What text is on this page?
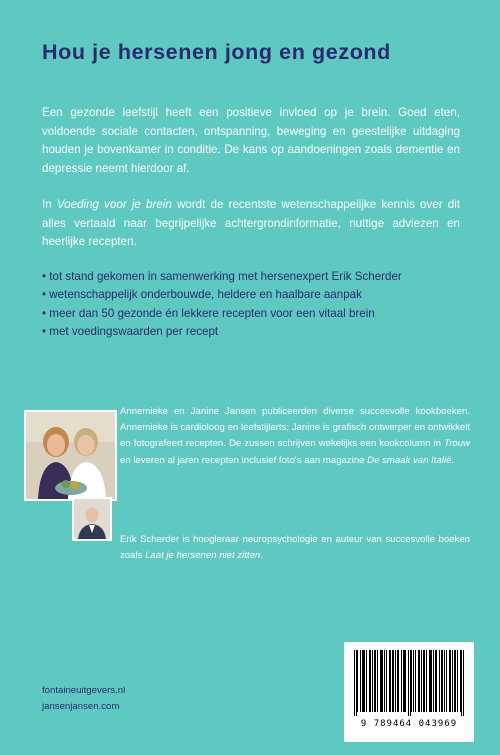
Hou je hersenen jong en gezond
Een gezonde leefstijl heeft een positieve invloed op je brein. Goed eten, voldoende sociale contacten, ontspanning, beweging en geestelijke uitdaging houden je bovenkamer in conditie. De kans op aandoeningen zoals dementie en depressie neemt hierdoor af.
In Voeding voor je brein wordt de recentste wetenschappelijke kennis over dit alles vertaald naar begrijpelijke achtergrondinformatie, nuttige adviezen en heerlijke recepten.
• tot stand gekomen in samenwerking met hersenexpert Erik Scherder
• wetenschappelijk onderbouwde, heldere en haalbare aanpak
• meer dan 50 gezonde én lekkere recepten voor een vitaal brein
• met voedingswaarden per recept
Annemieke en Janine Jansen publiceerden diverse succesvolle kookboeken. Annemieke is cardioloog en leefstijlarts; Janine is grafisch ontwerper en ontwikkelt en fotografeert recepten. De zussen schrijven wekelijks een kookcolumn in Trouw en leveren al jaren recepten inclusief foto's aan magazine De smaak van Italië.
Erik Scherder is hoogleraar neuropsychologie en auteur van succesvolle boeken zoals Laat je hersenen niet zitten.
fontaineuitgevers.nl
jansenjansen.com
9 789464 043969
